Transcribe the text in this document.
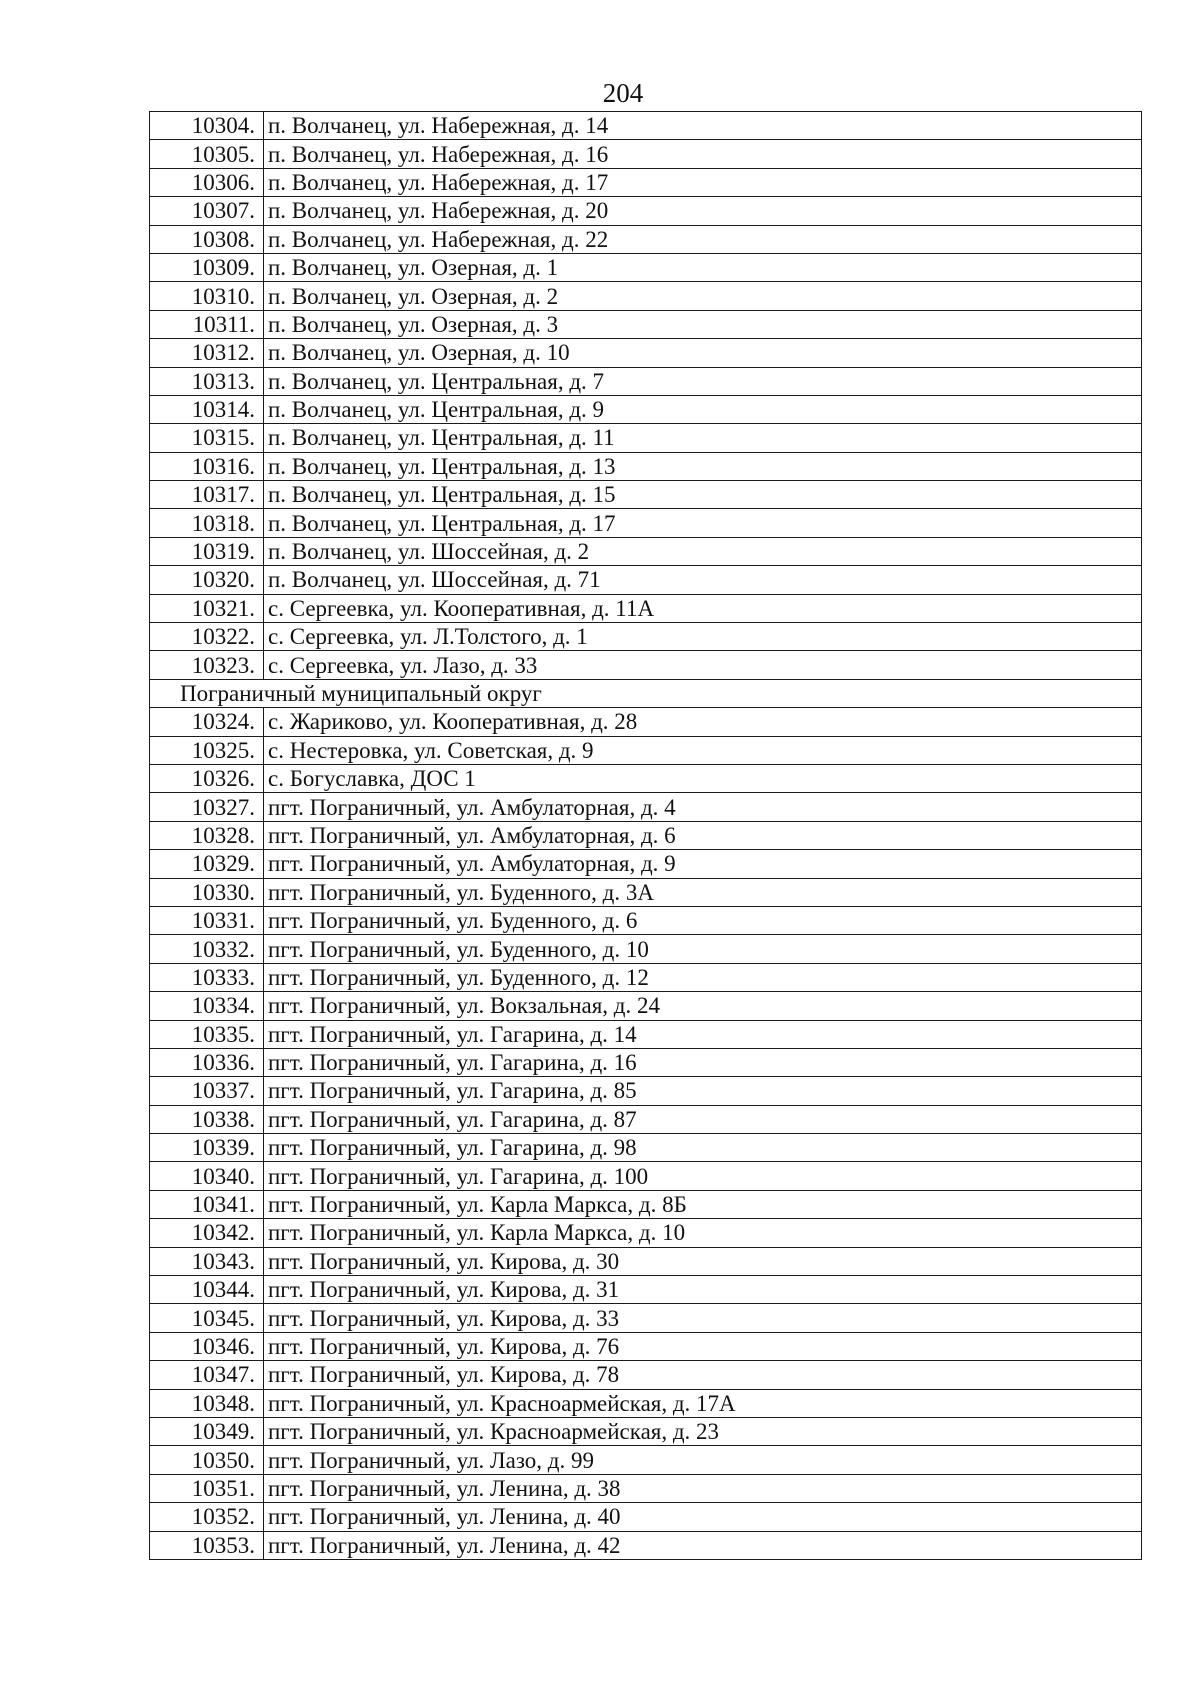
204
10304.	п. Волчанец, ул. Набережная, д. 14
10305.	п. Волчанец, ул. Набережная, д. 16
10306.	п. Волчанец, ул. Набережная, д. 17
10307.	п. Волчанец, ул. Набережная, д. 20
10308.	п. Волчанец, ул. Набережная, д. 22
10309.	п. Волчанец, ул. Озерная, д. 1
10310.	п. Волчанец, ул. Озерная, д. 2
10311.	п. Волчанец, ул. Озерная, д. 3
10312.	п. Волчанец, ул. Озерная, д. 10
10313.	п. Волчанец, ул. Центральная, д. 7
10314.	п. Волчанец, ул. Центральная, д. 9
10315.	п. Волчанец, ул. Центральная, д. 11
10316.	п. Волчанец, ул. Центральная, д. 13
10317.	п. Волчанец, ул. Центральная, д. 15
10318.	п. Волчанец, ул. Центральная, д. 17
10319.	п. Волчанец, ул. Шоссейная, д. 2
10320.	п. Волчанец, ул. Шоссейная, д. 71
10321.	с. Сергеевка, ул. Кооперативная, д. 11А
10322.	с. Сергеевка, ул. Л.Толстого, д. 1
10323.	с. Сергеевка, ул. Лазо, д. 33
Пограничный муниципальный округ	
10324.	с. Жариково, ул. Кооперативная, д. 28
10325.	с. Нестеровка, ул. Советская, д. 9
10326.	с. Богуславка, ДОС 1
10327.	пгт. Пограничный, ул. Амбулаторная, д. 4
10328.	пгт. Пограничный, ул. Амбулаторная, д. 6
10329.	пгт. Пограничный, ул. Амбулаторная, д. 9
10330.	пгт. Пограничный, ул. Буденного, д. 3А
10331.	пгт. Пограничный, ул. Буденного, д. 6
10332.	пгт. Пограничный, ул. Буденного, д. 10
10333.	пгт. Пограничный, ул. Буденного, д. 12
10334.	пгт. Пограничный, ул. Вокзальная, д. 24
10335.	пгт. Пограничный, ул. Гагарина, д. 14
10336.	пгт. Пограничный, ул. Гагарина, д. 16
10337.	пгт. Пограничный, ул. Гагарина, д. 85
10338.	пгт. Пограничный, ул. Гагарина, д. 87
10339.	пгт. Пограничный, ул. Гагарина, д. 98
10340.	пгт. Пограничный, ул. Гагарина, д. 100
10341.	пгт. Пограничный, ул. Карла Маркса, д. 8Б
10342.	пгт. Пограничный, ул. Карла Маркса, д. 10
10343.	пгт. Пограничный, ул. Кирова, д. 30
10344.	пгт. Пограничный, ул. Кирова, д. 31
10345.	пгт. Пограничный, ул. Кирова, д. 33
10346.	пгт. Пограничный, ул. Кирова, д. 76
10347.	пгт. Пограничный, ул. Кирова, д. 78
10348.	пгт. Пограничный, ул. Красноармейская, д. 17А
10349.	пгт. Пограничный, ул. Красноармейская, д. 23
10350.	пгт. Пограничный, ул. Лазо, д. 99
10351.	пгт. Пограничный, ул. Ленина, д. 38
10352.	пгт. Пограничный, ул. Ленина, д. 40
10353.	пгт. Пограничный, ул. Ленина, д. 42
